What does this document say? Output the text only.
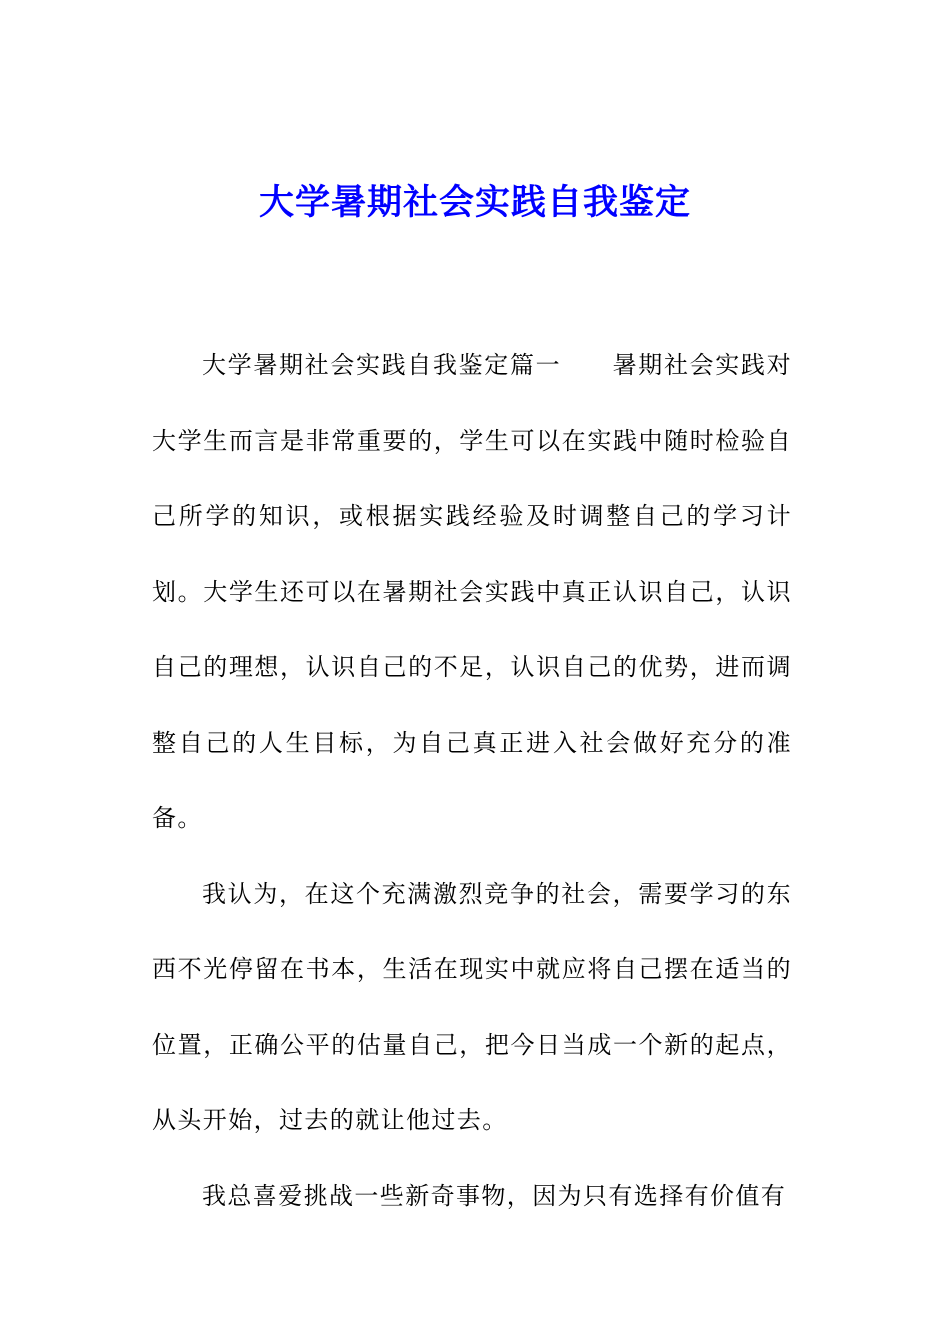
大学暑期社会实践自我鉴定

大学暑期社会实践自我鉴定篇一　　暑期社会实践对大学生而言是非常重要的，学生可以在实践中随时检验自己所学的知识，或根据实践经验及时调整自己的学习计划。大学生还可以在暑期社会实践中真正认识自己，认识自己的理想，认识自己的不足，认识自己的优势，进而调整自己的人生目标，为自己真正进入社会做好充分的准备。

我认为，在这个充满激烈竞争的社会，需要学习的东西不光停留在书本，生活在现实中就应将自己摆在适当的位置，正确公平的估量自己，把今日当成一个新的起点，从头开始，过去的就让他过去。

我总喜爱挑战一些新奇事物，因为只有选择有价值有
